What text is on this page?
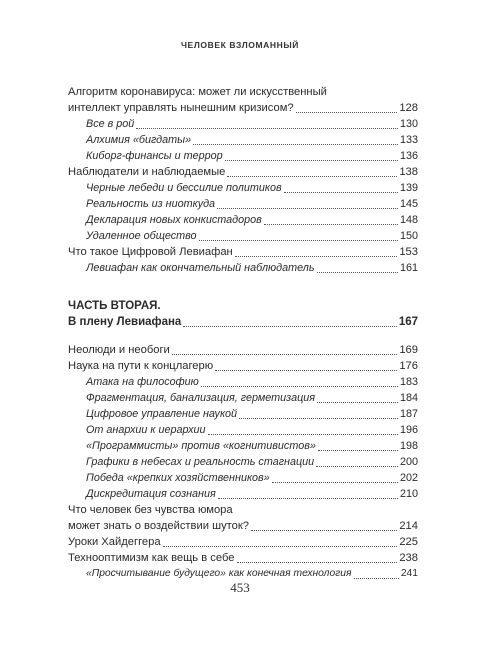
ЧЕЛОВЕК ВЗЛОМАННЫЙ
Алгоритм коронавируса: может ли искусственный
интеллект управлять нынешним кризисом?	128
Все в рой	130
Алхимия «бигдаты»	133
Киборг-финансы и террор	136
Наблюдатели и наблюдаемые	138
Черные лебеди и бессилие политиков	139
Реальность из ниоткуда	145
Декларация новых конкистадоров	148
Удаленное общество	150
Что такое Цифровой Левиафан	153
Левиафан как окончательный наблюдатель	161
ЧАСТЬ ВТОРАЯ.
В плену Левиафана	167
Неолюди и необоги	169
Наука на пути к концлагерю	176
Атака на философию	183
Фрагментация, банализация, герметизация	184
Цифровое управление наукой	187
От анархии к иерархии	196
«Программисты» против «когнитивистов»	198
Графики в небесах и реальность стагнации	200
Победа «крепких хозяйственников»	202
Дискредитация сознания	210
Что человек без чувства юмора
может знать о воздействии шуток?	214
Уроки Хайдеггера	225
Технооптимизм как вещь в себе	238
«Просчитывание будущего» как конечная технология	241
453
